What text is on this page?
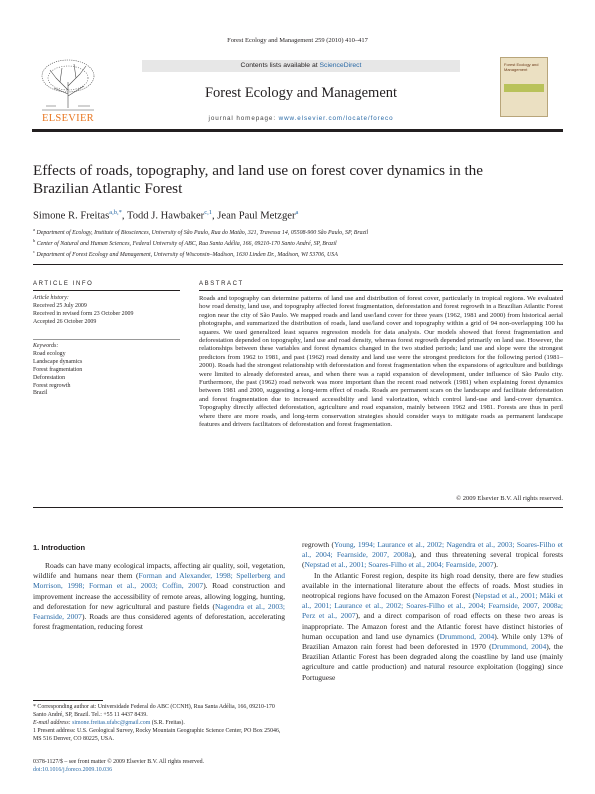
Forest Ecology and Management 259 (2010) 410–417
ELSEVIER
Contents lists available at ScienceDirect
Forest Ecology and Management
journal homepage: www.elsevier.com/locate/foreco
Forest Ecology and Management
Effects of roads, topography, and land use on forest cover dynamics in the
Brazilian Atlantic Forest
Simone R. Freitas$^{a,b,*}$, Todd J. Hawbaker$^{c,1}$, Jean Paul Metzger$^a$
$^a$ Department of Ecology, Institute of Biosciences, University of São Paulo, Rua do Matão, 321, Travessa 14, 05508-900 São Paulo, SP, Brazil
$^b$ Center of Natural and Human Sciences, Federal University of ABC, Rua Santa Adélia, 166, 09210-170 Santo André, SP, Brazil
$^c$ Department of Forest Ecology and Management, University of Wisconsin–Madison, 1630 Linden Dr., Madison, WI 53706, USA
ARTICLE INFO
Article history:
Received 25 July 2009
Received in revised form 23 October 2009
Accepted 26 October 2009
Keywords:
Road ecology
Landscape dynamics
Forest fragmentation
Deforestation
Forest regrowth
Brazil
ABSTRACT
Roads and topography can determine patterns of land use and distribution of forest cover, particularly in tropical regions. We evaluated how road density, land use, and topography affected forest fragmentation, deforestation and forest regrowth in a Brazilian Atlantic Forest region near the city of São Paulo. We mapped roads and land use/land cover for three years (1962, 1981 and 2000) from historical aerial photographs, and summarized the distribution of roads, land use/land cover and topography within a grid of 94 non-overlapping 100 ha squares. We used generalized least squares regression models for data analysis. Our models showed that forest fragmentation and deforestation depended on topography, land use and road density, whereas forest regrowth depended primarily on land use. However, the relationships between these variables and forest dynamics changed in the two studied periods; land use and slope were the strongest predictors from 1962 to 1981, and past (1962) road density and land use were the strongest predictors for the following period (1981–2000). Roads had the strongest relationship with deforestation and forest fragmentation when the expansions of agriculture and buildings were limited to already deforested areas, and when there was a rapid expansion of development, under influence of São Paulo city. Furthermore, the past (1962) road network was more important than the recent road network (1981) when explaining forest dynamics between 1981 and 2000, suggesting a long-term effect of roads. Roads are permanent scars on the landscape and facilitate deforestation and forest fragmentation due to increased accessibility and land valorization, which control land-use and land-cover dynamics. Topography directly affected deforestation, agriculture and road expansion, mainly between 1962 and 1981. Forests are thus in peril where there are more roads, and long-term conservation strategies should consider ways to mitigate roads as permanent landscape features and drivers facilitators of deforestation and forest fragmentation.
© 2009 Elsevier B.V. All rights reserved.
1. Introduction
Roads can have many ecological impacts, affecting air quality, soil, vegetation, wildlife and humans near them (Forman and Alexander, 1998; Spellerberg and Morrison, 1998; Forman et al., 2003; Coffin, 2007). Road construction and improvement increase the accessibility of remote areas, allowing logging, hunting, and deforestation for new agricultural and pasture fields (Nagendra et al., 2003; Fearnside, 2007). Roads are thus considered agents of deforestation, accelerating forest fragmentation, reducing forest
regrowth (Young, 1994; Laurance et al., 2002; Nagendra et al., 2003; Soares-Filho et al., 2004; Fearnside, 2007, 2008a), and thus threatening several tropical forests (Nepstad et al., 2001; Soares-Filho et al., 2004; Fearnside, 2007).
In the Atlantic Forest region, despite its high road density, there are few studies available in the international literature about the effects of roads. Most studies in neotropical regions have focused on the Amazon Forest (Nepstad et al., 2001; Mäki et al., 2001; Laurance et al., 2002; Soares-Filho et al., 2004; Fearnside, 2007, 2008a; Perz et al., 2007), and a direct comparison of road effects on these two areas is inappropriate. The Amazon forest and the Atlantic forest have distinct histories of human occupation and land use dynamics (Drummond, 2004). While only 13% of Brazilian Amazon rain forest had been deforested in 1970 (Drummond, 2004), the Brazilian Atlantic Forest has been degraded along the coastline by land use (mainly agriculture and cattle production) and natural resource exploitation (logging) since Portuguese
* Corresponding author at: Universidade Federal do ABC (CCNH), Rua Santa Adélia, 166, 09210-170 Santo André, SP, Brazil. Tel.: +55 11 4437 8439.
E-mail address: simone.freitas.ufabc@gmail.com (S.R. Freitas).
1 Present address: U.S. Geological Survey, Rocky Mountain Geographic Science Center, PO Box 25046, MS 516 Denver, CO 80225, USA.
0378-1127/$ – see front matter © 2009 Elsevier B.V. All rights reserved.
doi:10.1016/j.foreco.2009.10.036
